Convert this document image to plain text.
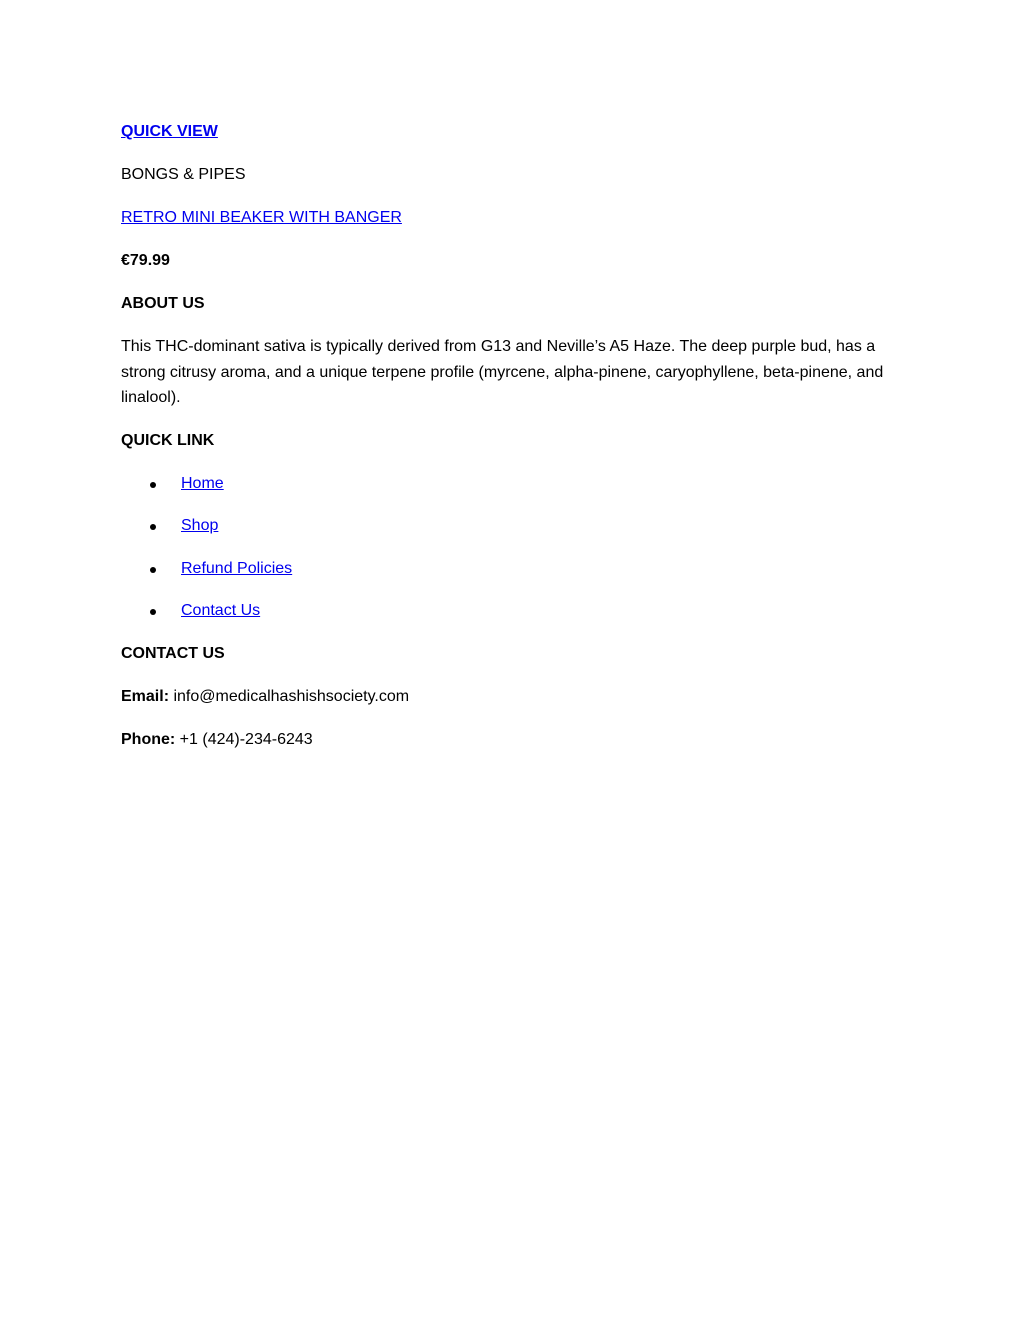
QUICK VIEW

BONGS & PIPES

RETRO MINI BEAKER WITH BANGER

€79.99

ABOUT US

This THC-dominant sativa is typically derived from G13 and Neville’s A5 Haze. The deep purple bud, has a strong citrusy aroma, and a unique terpene profile (myrcene, alpha-pinene, caryophyllene, beta-pinene, and linalool).

QUICK LINK

Home
Shop
Refund Policies
Contact Us

CONTACT US

Email: info@medicalhashishsociety.com

Phone: +1 (424)-234-6243
